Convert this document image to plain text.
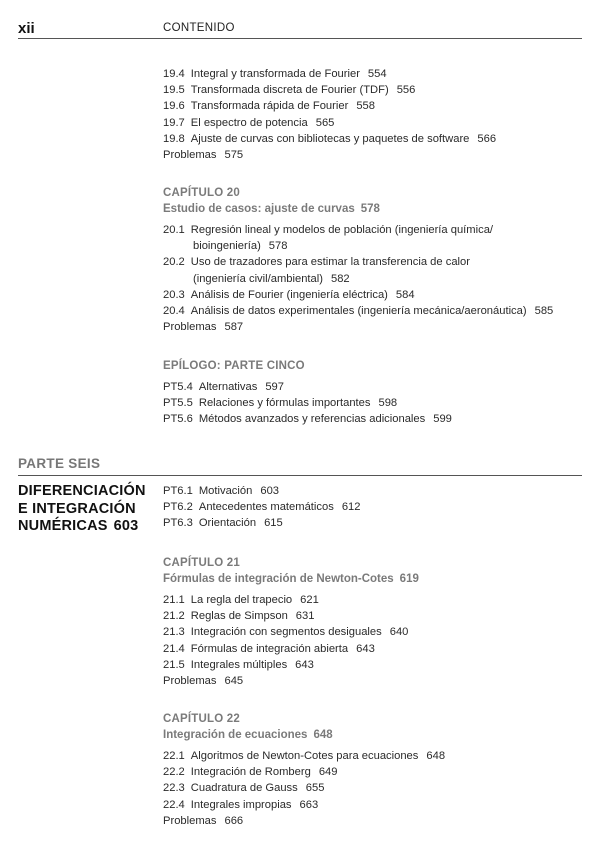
xii	CONTENIDO
19.4 Integral y transformada de Fourier 554
19.5 Transformada discreta de Fourier (TDF) 556
19.6 Transformada rápida de Fourier 558
19.7 El espectro de potencia 565
19.8 Ajuste de curvas con bibliotecas y paquetes de software 566
Problemas 575
CAPÍTULO 20
Estudio de casos: ajuste de curvas 578
20.1 Regresión lineal y modelos de población (ingeniería química/
bioingeniería) 578
20.2 Uso de trazadores para estimar la transferencia de calor
(ingeniería civil/ambiental) 582
20.3 Análisis de Fourier (ingeniería eléctrica) 584
20.4 Análisis de datos experimentales (ingeniería mecánica/aeronáutica) 585
Problemas 587
EPÍLOGO: PARTE CINCO
PT5.4 Alternativas 597
PT5.5 Relaciones y fórmulas importantes 598
PT5.6 Métodos avanzados y referencias adicionales 599
PARTE SEIS
DIFERENCIACIÓN
E INTEGRACIÓN
NUMÉRICAS 603
PT6.1 Motivación 603
PT6.2 Antecedentes matemáticos 612
PT6.3 Orientación 615
CAPÍTULO 21
Fórmulas de integración de Newton-Cotes 619
21.1 La regla del trapecio 621
21.2 Reglas de Simpson 631
21.3 Integración con segmentos desiguales 640
21.4 Fórmulas de integración abierta 643
21.5 Integrales múltiples 643
Problemas 645
CAPÍTULO 22
Integración de ecuaciones 648
22.1 Algoritmos de Newton-Cotes para ecuaciones 648
22.2 Integración de Romberg 649
22.3 Cuadratura de Gauss 655
22.4 Integrales impropias 663
Problemas 666
